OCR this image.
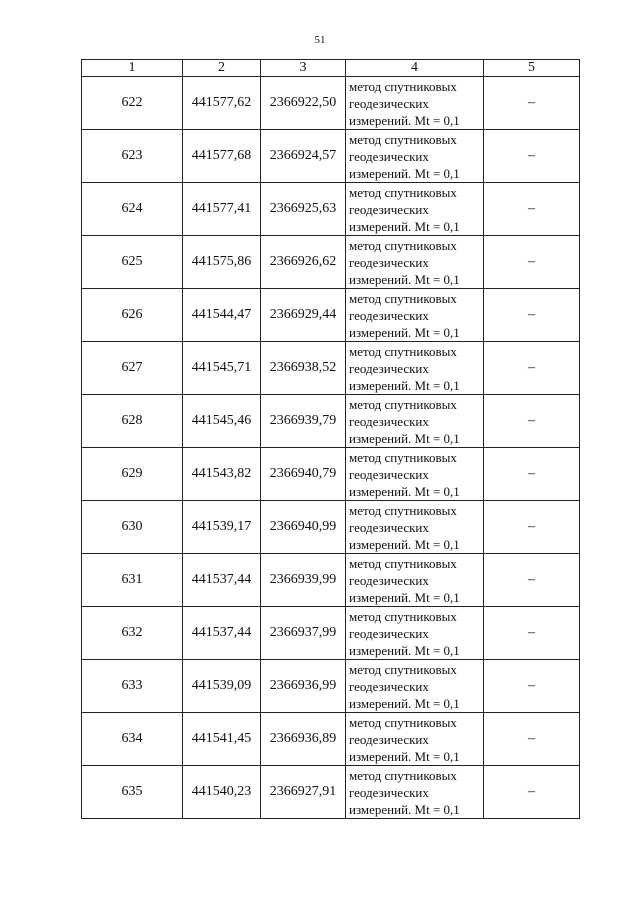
51
1	2	3	4	5
622	441577,62	2366922,50	метод спутниковых
геодезических
измерений. Mt = 0,1	–
623	441577,68	2366924,57	метод спутниковых
геодезических
измерений. Mt = 0,1	–
624	441577,41	2366925,63	метод спутниковых
геодезических
измерений. Mt = 0,1	–
625	441575,86	2366926,62	метод спутниковых
геодезических
измерений. Mt = 0,1	–
626	441544,47	2366929,44	метод спутниковых
геодезических
измерений. Mt = 0,1	–
627	441545,71	2366938,52	метод спутниковых
геодезических
измерений. Mt = 0,1	–
628	441545,46	2366939,79	метод спутниковых
геодезических
измерений. Mt = 0,1	–
629	441543,82	2366940,79	метод спутниковых
геодезических
измерений. Mt = 0,1	–
630	441539,17	2366940,99	метод спутниковых
геодезических
измерений. Mt = 0,1	–
631	441537,44	2366939,99	метод спутниковых
геодезических
измерений. Mt = 0,1	–
632	441537,44	2366937,99	метод спутниковых
геодезических
измерений. Mt = 0,1	–
633	441539,09	2366936,99	метод спутниковых
геодезических
измерений. Mt = 0,1	–
634	441541,45	2366936,89	метод спутниковых
геодезических
измерений. Mt = 0,1	–
635	441540,23	2366927,91	метод спутниковых
геодезических
измерений. Mt = 0,1	–
